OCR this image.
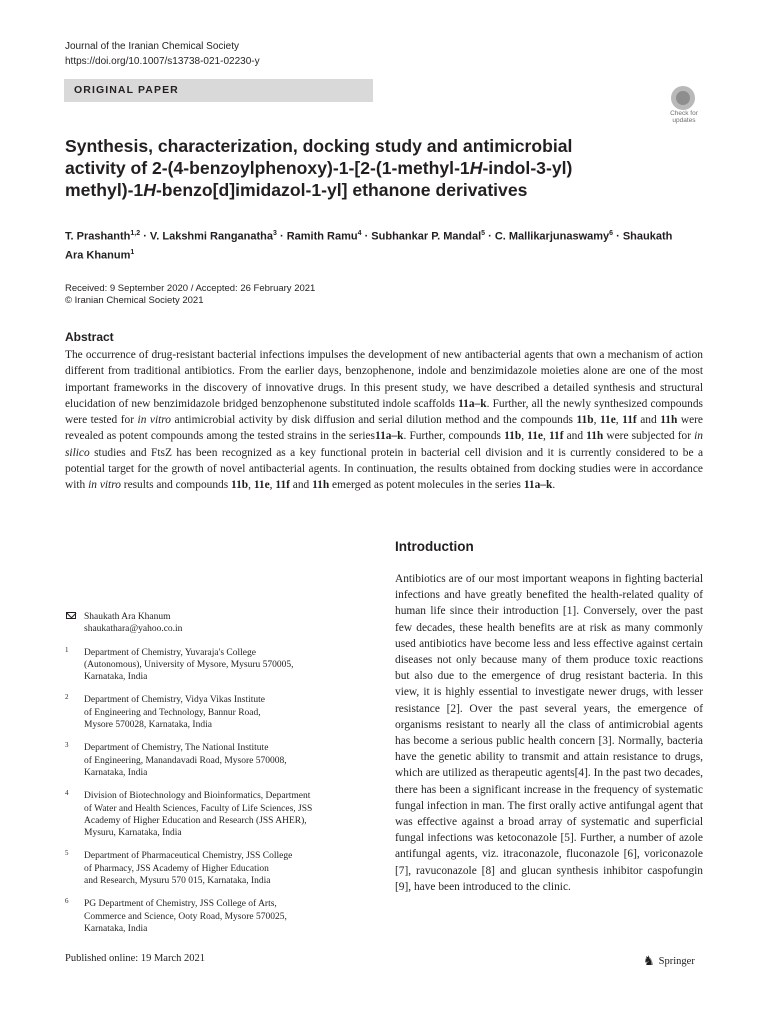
Journal of the Iranian Chemical Society
https://doi.org/10.1007/s13738-021-02230-y
ORIGINAL PAPER
Check for updates
Synthesis, characterization, docking study and antimicrobial activity of 2-(4-benzoylphenoxy)-1-[2-(1-methyl-1H-indol-3-yl) methyl)-1H-benzo[d]imidazol-1-yl] ethanone derivatives
T. Prashanth$^{1,2}$ · V. Lakshmi Ranganatha$^3$ · Ramith Ramu$^4$ · Subhankar P. Mandal$^5$ · C. Mallikarjunaswamy$^6$ · Shaukath Ara Khanum$^1$
Received: 9 September 2020 / Accepted: 26 February 2021
© Iranian Chemical Society 2021
Abstract
The occurrence of drug-resistant bacterial infections impulses the development of new antibacterial agents that own a mechanism of action different from traditional antibiotics. From the earlier days, benzophenone, indole and benzimidazole moieties alone are one of the most important frameworks in the discovery of innovative drugs. In this present study, we have described a detailed synthesis and structural elucidation of new benzimidazole bridged benzophenone substituted indole scaffolds 11a–k. Further, all the newly synthesized compounds were tested for in vitro antimicrobial activity by disk diffusion and serial dilution method and the compounds 11b, 11e, 11f and 11h were revealed as potent compounds among the tested strains in the series11a–k. Further, compounds 11b, 11e, 11f and 11h were subjected for in silico studies and FtsZ has been recognized as a key functional protein in bacterial cell division and it is currently considered to be a potential target for the growth of novel antibacterial agents. In continuation, the results obtained from docking studies were in accordance with in vitro results and compounds 11b, 11e, 11f and 11h emerged as potent molecules in the series 11a–k.
Introduction
Antibiotics are of our most important weapons in fighting bacterial infections and have greatly benefited the health-related quality of human life since their introduction [1]. Conversely, over the past few decades, these health benefits are at risk as many commonly used antibiotics have become less and less effective against certain diseases not only because many of them produce toxic reactions but also due to the emergence of drug resistant bacteria. In this view, it is highly essential to investigate newer drugs, with lesser resistance [2]. Over the past several years, the emergence of organisms resistant to nearly all the class of antimicrobial agents has become a serious public health concern [3]. Normally, bacteria have the genetic ability to transmit and attain resistance to drugs, which are utilized as therapeutic agents[4]. In the past two decades, there has been a significant increase in the frequency of systematic fungal infection in man. The first orally active antifungal agent that was effective against a broad array of systematic and superficial fungal infections was ketoconazole [5]. Further, a number of azole antifungal agents, viz. itraconazole, fluconazole [6], voriconazole [7], ravuconazole [8] and glucan synthesis inhibitor caspofungin [9], have been introduced to the clinic.
Shaukath Ara Khanum
shaukathara@yahoo.co.in
1 Department of Chemistry, Yuvaraja's College
(Autonomous), University of Mysore, Mysuru 570005,
Karnataka, India
2 Department of Chemistry, Vidya Vikas Institute
of Engineering and Technology, Bannur Road,
Mysore 570028, Karnataka, India
3 Department of Chemistry, The National Institute
of Engineering, Manandavadi Road, Mysore 570008,
Karnataka, India
4 Division of Biotechnology and Bioinformatics, Department
of Water and Health Sciences, Faculty of Life Sciences, JSS
Academy of Higher Education and Research (JSS AHER),
Mysuru, Karnataka, India
5 Department of Pharmaceutical Chemistry, JSS College
of Pharmacy, JSS Academy of Higher Education
and Research, Mysuru 570 015, Karnataka, India
6 PG Department of Chemistry, JSS College of Arts,
Commerce and Science, Ooty Road, Mysore 570025,
Karnataka, India
Published online: 19 March 2021	♞ Springer
